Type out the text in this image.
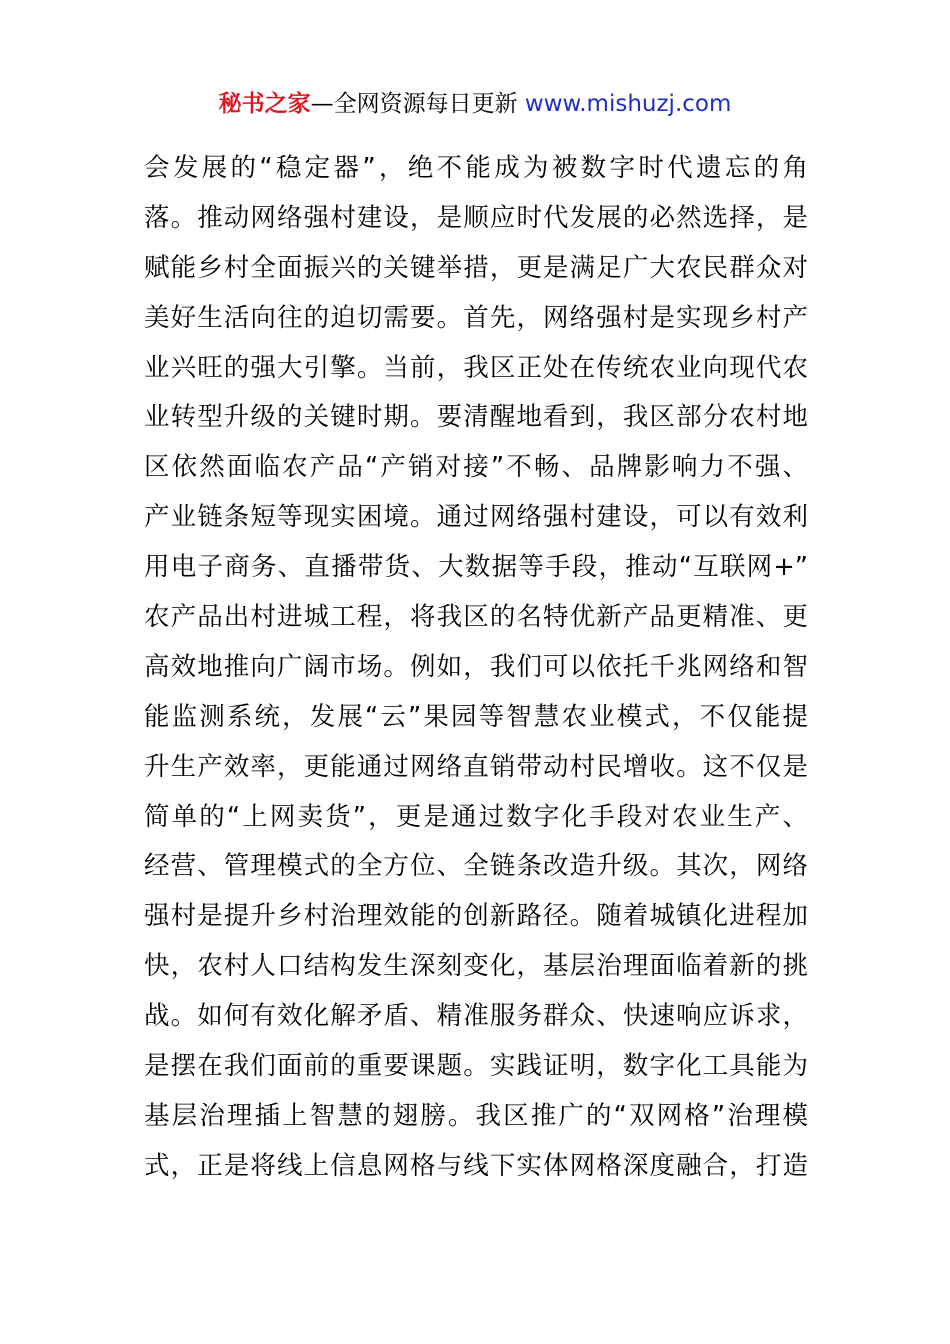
秘书之家—全网资源每日更新 www.mishuzj.com
会发展的“稳定器”，绝不能成为被数字时代遗忘的角
落。推动网络强村建设，是顺应时代发展的必然选择，是
赋能乡村全面振兴的关键举措，更是满足广大农民群众对
美好生活向往的迫切需要。首先，网络强村是实现乡村产
业兴旺的强大引擎。当前，我区正处在传统农业向现代农
业转型升级的关键时期。要清醒地看到，我区部分农村地
区依然面临农产品“产销对接”不畅、品牌影响力不强、
产业链条短等现实困境。通过网络强村建设，可以有效利
用电子商务、直播带货、大数据等手段，推动“互联网+”
农产品出村进城工程，将我区的名特优新产品更精准、更
高效地推向广阔市场。例如，我们可以依托千兆网络和智
能监测系统，发展“云”果园等智慧农业模式，不仅能提
升生产效率，更能通过网络直销带动村民增收。这不仅是
简单的“上网卖货”，更是通过数字化手段对农业生产、
经营、管理模式的全方位、全链条改造升级。其次，网络
强村是提升乡村治理效能的创新路径。随着城镇化进程加
快，农村人口结构发生深刻变化，基层治理面临着新的挑
战。如何有效化解矛盾、精准服务群众、快速响应诉求，
是摆在我们面前的重要课题。实践证明，数字化工具能为
基层治理插上智慧的翅膀。我区推广的“双网格”治理模
式，正是将线上信息网格与线下实体网格深度融合，打造
